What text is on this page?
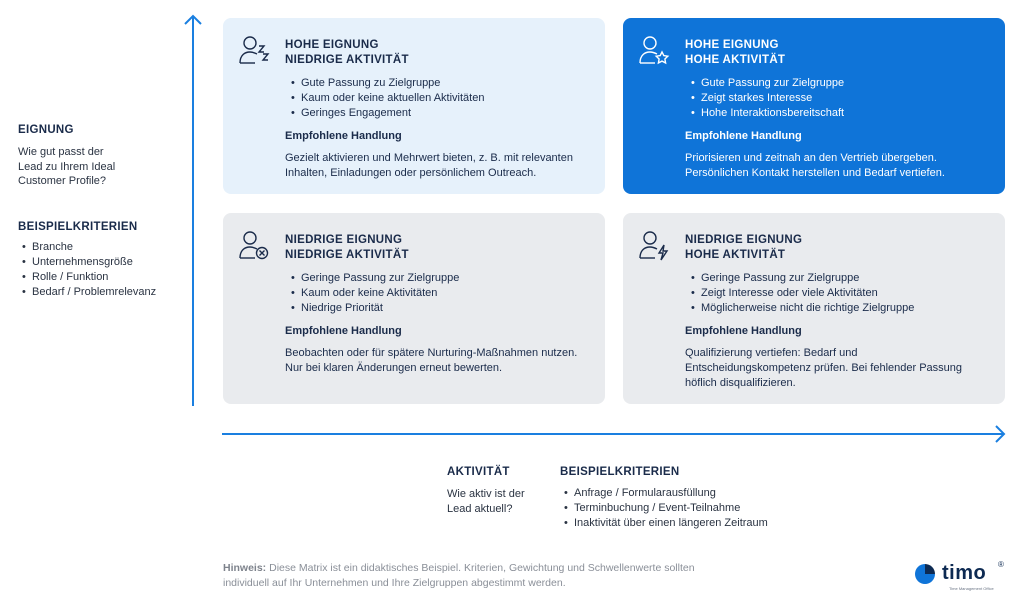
EIGNUNG
Wie gut passt der Lead zu Ihrem Ideal Customer Profile?
BEISPIELKRITERIEN
• Branche
• Unternehmensgröße
• Rolle / Funktion
• Bedarf / Problemrelevanz
HOHE EIGNUNG
NIEDRIGE AKTIVITÄT
• Gute Passung zu Zielgruppe
• Kaum oder keine aktuellen Aktivitäten
• Geringes Engagement
Empfohlene Handlung
Gezielt aktivieren und Mehrwert bieten, z. B. mit relevanten Inhalten, Einladungen oder persönlichem Outreach.
HOHE EIGNUNG
HOHE AKTIVITÄT
• Gute Passung zur Zielgruppe
• Zeigt starkes Interesse
• Hohe Interaktionsbereitschaft
Empfohlene Handlung
Priorisieren und zeitnah an den Vertrieb übergeben. Persönlichen Kontakt herstellen und Bedarf vertiefen.
NIEDRIGE EIGNUNG
NIEDRIGE AKTIVITÄT
• Geringe Passung zur Zielgruppe
• Kaum oder keine Aktivitäten
• Niedrige Priorität
Empfohlene Handlung
Beobachten oder für spätere Nurturing-Maßnahmen nutzen. Nur bei klaren Änderungen erneut bewerten.
NIEDRIGE EIGNUNG
HOHE AKTIVITÄT
• Geringe Passung zur Zielgruppe
• Zeigt Interesse oder viele Aktivitäten
• Möglicherweise nicht die richtige Zielgruppe
Empfohlene Handlung
Qualifizierung vertiefen: Bedarf und Entscheidungskompetenz prüfen. Bei fehlender Passung höflich disqualifizieren.
AKTIVITÄT
Wie aktiv ist der Lead aktuell?
BEISPIELKRITERIEN
• Anfrage / Formularausfüllung
• Terminbuchung / Event-Teilnahme
• Inaktivität über einen längeren Zeitraum
Hinweis: Diese Matrix ist ein didaktisches Beispiel. Kriterien, Gewichtung und Schwellenwerte sollten individuell auf Ihr Unternehmen und Ihre Zielgruppen abgestimmt werden.	timo ®
Time Management Office
